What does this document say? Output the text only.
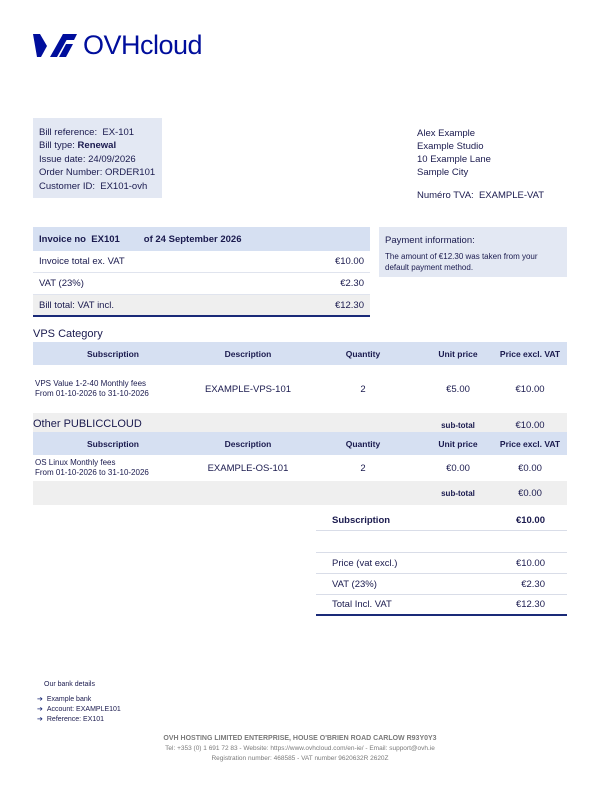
OVHcloud
Bill reference: EX-101
Bill type: Renewal
Issue date: 24/09/2026
Order Number: ORDER101
Customer ID: EX101-ovh
Alex Example
Example Studio
10 Example Lane
Sample City
Numéro TVA: EXAMPLE-VAT
Invoice no
EX101	of 24 September 2026
Invoice total ex. VAT	€10.00
VAT (23%)	€2.30
Bill total: VAT incl.	€12.30
Payment information:
The amount of €12.30 was taken from your default payment method.
VPS Category
Subscription	Description	Quantity	Unit price	Price excl. VAT
VPS Value 1-2-40 Monthly fees
From 01-10-2026 to 31-10-2026	EXAMPLE-VPS-101	2	€5.00	€10.00
sub-total	€10.00
Other PUBLICCLOUD
Subscription	Description	Quantity	Unit price	Price excl. VAT
OS Linux Monthly fees
From 01-10-2026 to 31-10-2026	EXAMPLE-OS-101	2	€0.00	€0.00
sub-total	€0.00
Subscription	€10.00
Price (vat excl.)	€10.00
VAT (23%)	€2.30
Total Incl. VAT	€12.30
Our bank details
➔ Example bank
➔ Account: EXAMPLE101
➔ Reference: EX101
OVH HOSTING LIMITED ENTERPRISE, HOUSE O'BRIEN ROAD CARLOW R93Y0Y3
Tel: +353 (0) 1 691 72 83 - Website: https://www.ovhcloud.com/en-ie/ - Email: support@ovh.ie
Registration number: 468585 - VAT number 9620632R 2620Z
